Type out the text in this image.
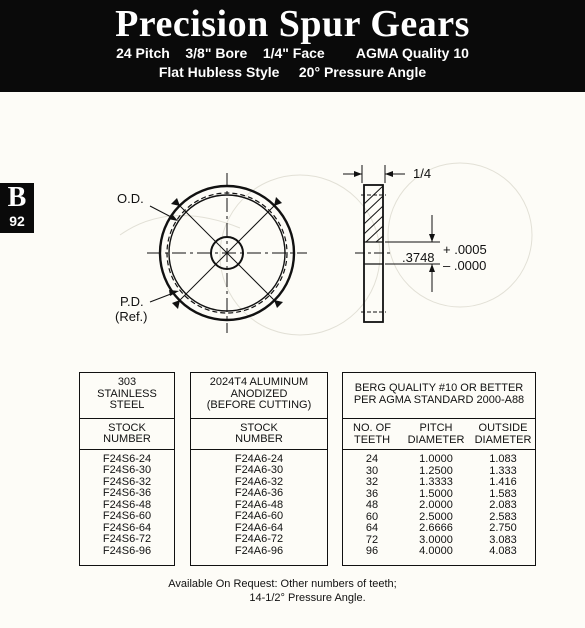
Precision Spur Gears
24 Pitch 3/8" Bore 1/4" Face AGMA Quality 10
Flat Hubless Style 20° Pressure Angle
B
92
O.D.
P.D.
(Ref.)
1/4
.3748
+ .0005
– .0000
303
STAINLESS
STEEL
STOCK
NUMBER
F24S6-24
F24S6-30
F24S6-32
F24S6-36
F24S6-48
F24S6-60
F24S6-64
F24S6-72
F24S6-96
2024T4 ALUMINUM
ANODIZED
(BEFORE CUTTING)
STOCK
NUMBER
F24A6-24
F24A6-30
F24A6-32
F24A6-36
F24A6-48
F24A6-60
F24A6-64
F24A6-72
F24A6-96
BERG QUALITY #10 OR BETTER
PER AGMA STANDARD 2000-A88
NO. OF
TEETH
PITCH
DIAMETER
OUTSIDE
DIAMETER
24
30
32
36
48
60
64
72
96
1.0000
1.2500
1.3333
1.5000
2.0000
2.5000
2.6666
3.0000
4.0000
1.083
1.333
1.416
1.583
2.083
2.583
2.750
3.083
4.083
Available On Request: Other numbers of teeth;
14-1/2° Pressure Angle.
